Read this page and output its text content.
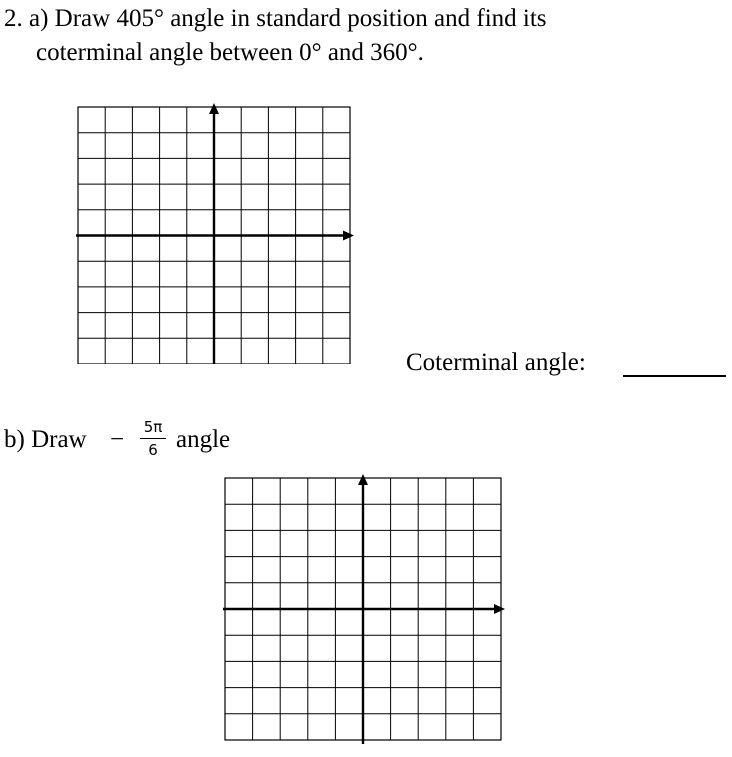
2. a) Draw 405° angle in standard position and find its
coterminal angle between 0° and 360°.
Coterminal angle:
b) Draw − 5π
6 angle
